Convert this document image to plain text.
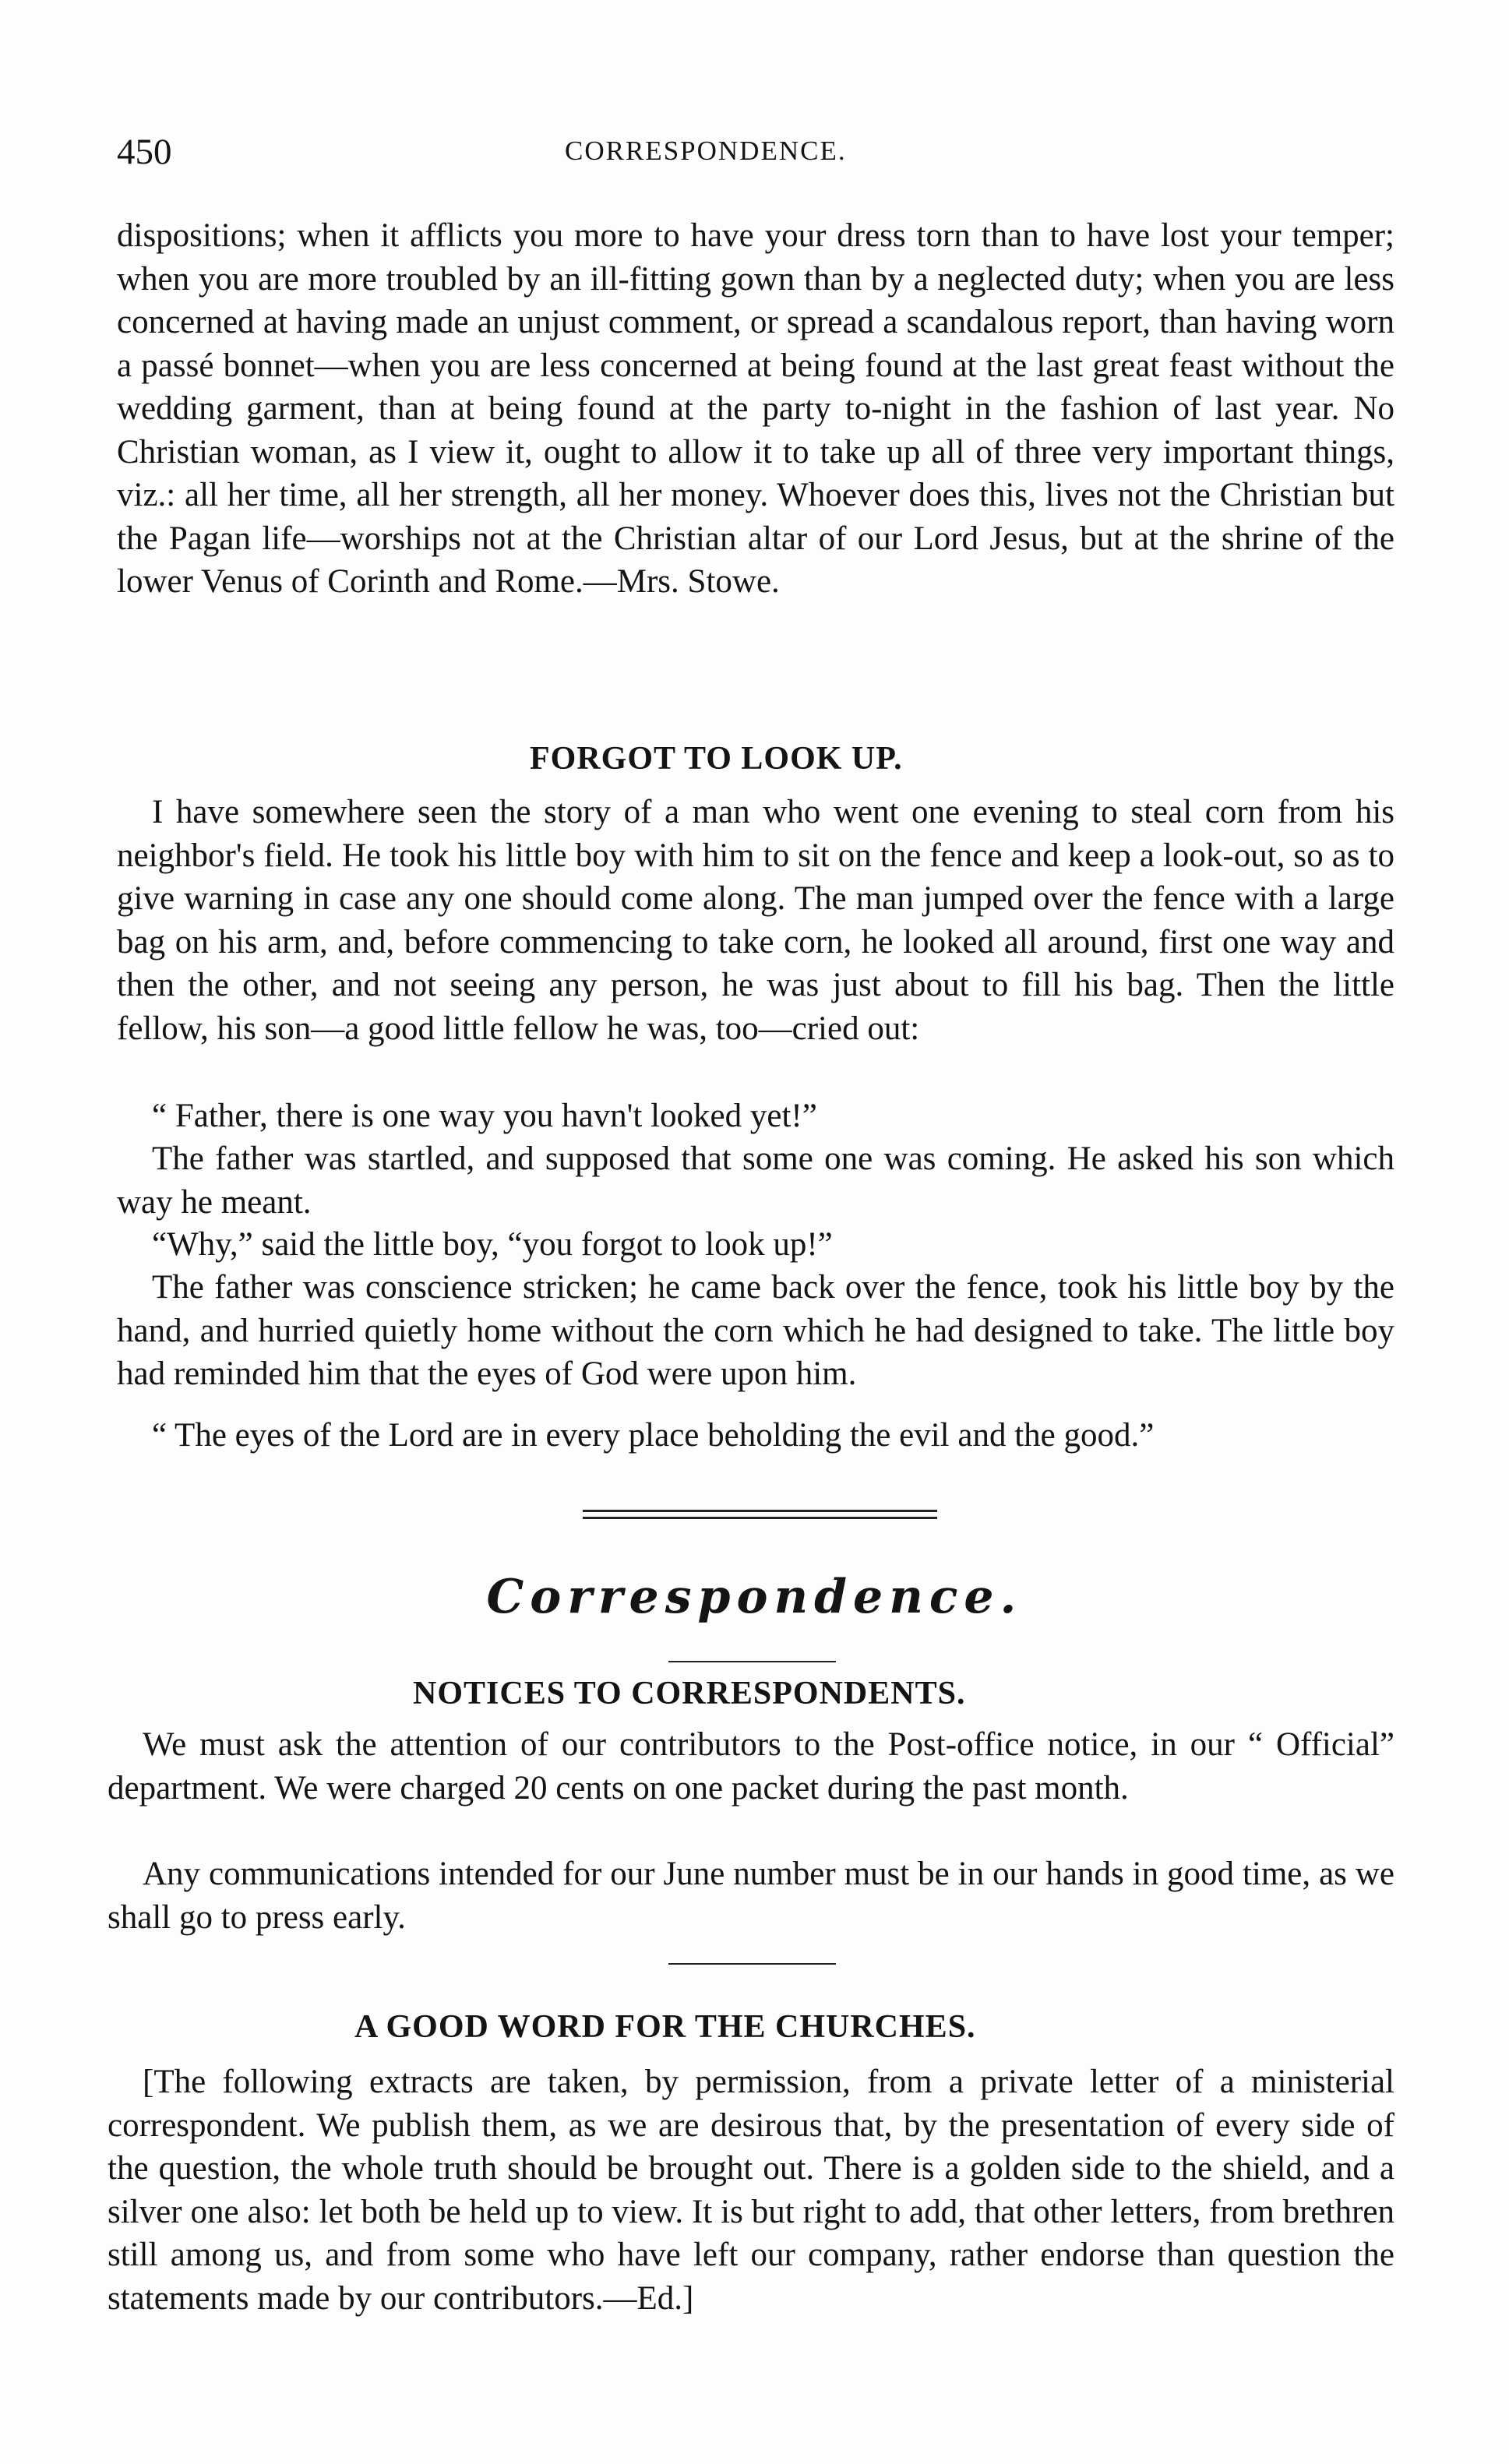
450	CORRESPONDENCE.

dispositions; when it afflicts you more to have your dress torn than to have lost your temper; when you are more troubled by an ill-fitting gown than by a neglected duty; when you are less concerned at having made an unjust comment, or spread a scandalous report, than having worn a passé bonnet—when you are less concerned at being found at the last great feast without the wedding garment, than at being found at the party to-night in the fashion of last year. No Christian woman, as I view it, ought to allow it to take up all of three very important things, viz.: all her time, all her strength, all her money. Whoever does this, lives not the Christian but the Pagan life—worships not at the Christian altar of our Lord Jesus, but at the shrine of the lower Venus of Corinth and Rome.—Mrs. Stowe.

FORGOT TO LOOK UP.

I have somewhere seen the story of a man who went one evening to steal corn from his neighbor's field. He took his little boy with him to sit on the fence and keep a look-out, so as to give warning in case any one should come along. The man jumped over the fence with a large bag on his arm, and, before commencing to take corn, he looked all around, first one way and then the other, and not seeing any person, he was just about to fill his bag. Then the little fellow, his son—a good little fellow he was, too—cried out:

“ Father, there is one way you havn't looked yet!”

The father was startled, and supposed that some one was coming. He asked his son which way he meant.

“Why,” said the little boy, “you forgot to look up!”

The father was conscience stricken; he came back over the fence, took his little boy by the hand, and hurried quietly home without the corn which he had designed to take. The little boy had reminded him that the eyes of God were upon him.

“ The eyes of the Lord are in every place beholding the evil and the good.”

Correspondence.
NOTICES TO CORRESPONDENTS.

We must ask the attention of our contributors to the Post-office notice, in our “ Official” department. We were charged 20 cents on one packet during the past month.

Any communications intended for our June number must be in our hands in good time, as we shall go to press early.

A GOOD WORD FOR THE CHURCHES.

[The following extracts are taken, by permission, from a private letter of a ministerial correspondent. We publish them, as we are desirous that, by the presentation of every side of the question, the whole truth should be brought out. There is a golden side to the shield, and a silver one also: let both be held up to view. It is but right to add, that other letters, from brethren still among us, and from some who have left our company, rather endorse than question the statements made by our contributors.—Ed.]
